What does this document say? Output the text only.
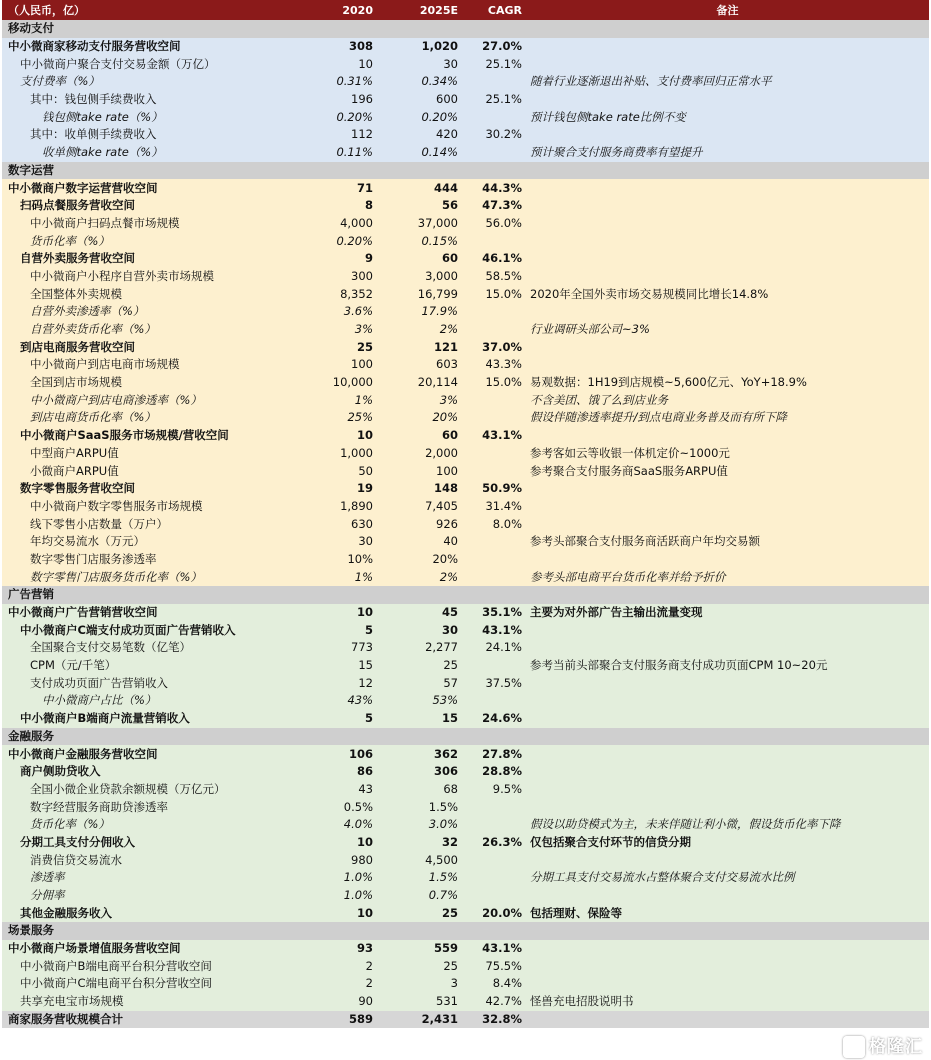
（人民币，亿）	2020	2025E	CAGR	备注
移动支付				
中小微商家移动支付服务营收空间	308	1,020	27.0%	
中小微商户聚合支付交易金额（万亿）	10	30	25.1%	
支付费率（%）	0.31%	0.34%		随着行业逐渐退出补贴、支付费率回归正常水平
其中：钱包侧手续费收入	196	600	25.1%	
钱包侧take rate（%）	0.20%	0.20%		预计钱包侧take rate比例不变
其中：收单侧手续费收入	112	420	30.2%	
收单侧take rate（%）	0.11%	0.14%		预计聚合支付服务商费率有望提升
数字运营				
中小微商户数字运营营收空间	71	444	44.3%	
扫码点餐服务营收空间	8	56	47.3%	
中小微商户扫码点餐市场规模	4,000	37,000	56.0%	
货币化率（%）	0.20%	0.15%		
自营外卖服务营收空间	9	60	46.1%	
中小微商户小程序自营外卖市场规模	300	3,000	58.5%	
全国整体外卖规模	8,352	16,799	15.0%	2020年全国外卖市场交易规模同比增长14.8%
自营外卖渗透率（%）	3.6%	17.9%		
自营外卖货币化率（%）	3%	2%		行业调研头部公司~3%
到店电商服务营收空间	25	121	37.0%	
中小微商户到店电商市场规模	100	603	43.3%	
全国到店市场规模	10,000	20,114	15.0%	易观数据：1H19到店规模~5,600亿元、YoY+18.9%
中小微商户到店电商渗透率（%）	1%	3%		不含美团、饿了么到店业务
到店电商货币化率（%）	25%	20%		假设伴随渗透率提升/到点电商业务普及而有所下降
中小微商户SaaS服务市场规模/营收空间	10	60	43.1%	
中型商户ARPU值	1,000	2,000		参考客如云等收银一体机定价~1000元
小微商户ARPU值	50	100		参考聚合支付服务商SaaS服务ARPU值
数字零售服务营收空间	19	148	50.9%	
中小微商户数字零售服务市场规模	1,890	7,405	31.4%	
线下零售小店数量（万户）	630	926	8.0%	
年均交易流水（万元）	30	40		参考头部聚合支付服务商活跃商户年均交易额
数字零售门店服务渗透率	10%	20%		
数字零售门店服务货币化率（%）	1%	2%		参考头部电商平台货币化率并给予折价
广告营销				
中小微商户广告营销营收空间	10	45	35.1%	主要为对外部广告主输出流量变现
中小微商户C端支付成功页面广告营销收入	5	30	43.1%	
全国聚合支付交易笔数（亿笔）	773	2,277	24.1%	
CPM（元/千笔）	15	25		参考当前头部聚合支付服务商支付成功页面CPM 10~20元
支付成功页面广告营销收入	12	57	37.5%	
中小微商户占比（%）	43%	53%		
中小微商户B端商户流量营销收入	5	15	24.6%	
金融服务				
中小微商户金融服务营收空间	106	362	27.8%	
商户侧助贷收入	86	306	28.8%	
全国小微企业贷款余额规模（万亿元）	43	68	9.5%	
数字经营服务商助贷渗透率	0.5%	1.5%		
货币化率（%）	4.0%	3.0%		假设以助贷模式为主，未来伴随让利小微，假设货币化率下降
分期工具支付分佣收入	10	32	26.3%	仅包括聚合支付环节的信贷分期
消费信贷交易流水	980	4,500		
渗透率	1.0%	1.5%		分期工具支付交易流水占整体聚合支付交易流水比例
分佣率	1.0%	0.7%		
其他金融服务收入	10	25	20.0%	包括理财、保险等
场景服务				
中小微商户场景增值服务营收空间	93	559	43.1%	
中小微商户B端电商平台积分营收空间	2	25	75.5%	
中小微商户C端电商平台积分营收空间	2	3	8.4%	
共享充电宝市场规模	90	531	42.7%	怪兽充电招股说明书
商家服务营收规模合计	589	2,431	32.8%	
格隆汇
